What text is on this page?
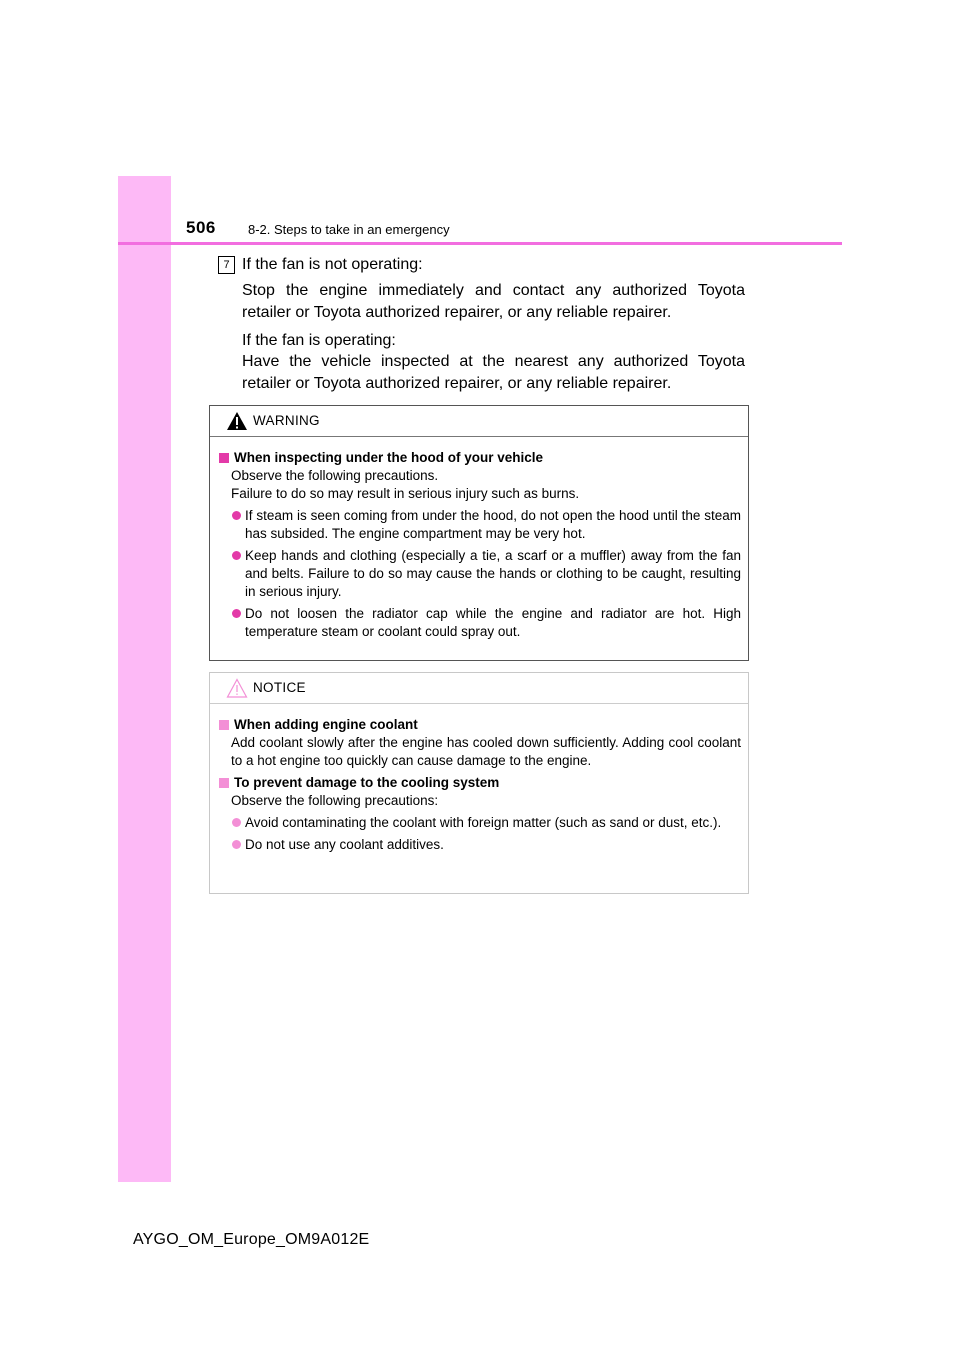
506 8-2. Steps to take in an emergency
7 If the fan is not operating:
Stop the engine immediately and contact any authorized Toyota retailer or Toyota authorized repairer, or any reliable repairer.
If the fan is operating:
Have the vehicle inspected at the nearest any authorized Toyota retailer or Toyota authorized repairer, or any reliable repairer.
WARNING
When inspecting under the hood of your vehicle
Observe the following precautions.
Failure to do so may result in serious injury such as burns.
If steam is seen coming from under the hood, do not open the hood until the steam has subsided. The engine compartment may be very hot.
Keep hands and clothing (especially a tie, a scarf or a muffler) away from the fan and belts. Failure to do so may cause the hands or clothing to be caught, resulting in serious injury.
Do not loosen the radiator cap while the engine and radiator are hot. High temperature steam or coolant could spray out.
NOTICE
When adding engine coolant
Add coolant slowly after the engine has cooled down sufficiently. Adding cool coolant to a hot engine too quickly can cause damage to the engine.
To prevent damage to the cooling system
Observe the following precautions:
Avoid contaminating the coolant with foreign matter (such as sand or dust, etc.).
Do not use any coolant additives.
AYGO_OM_Europe_OM9A012E
